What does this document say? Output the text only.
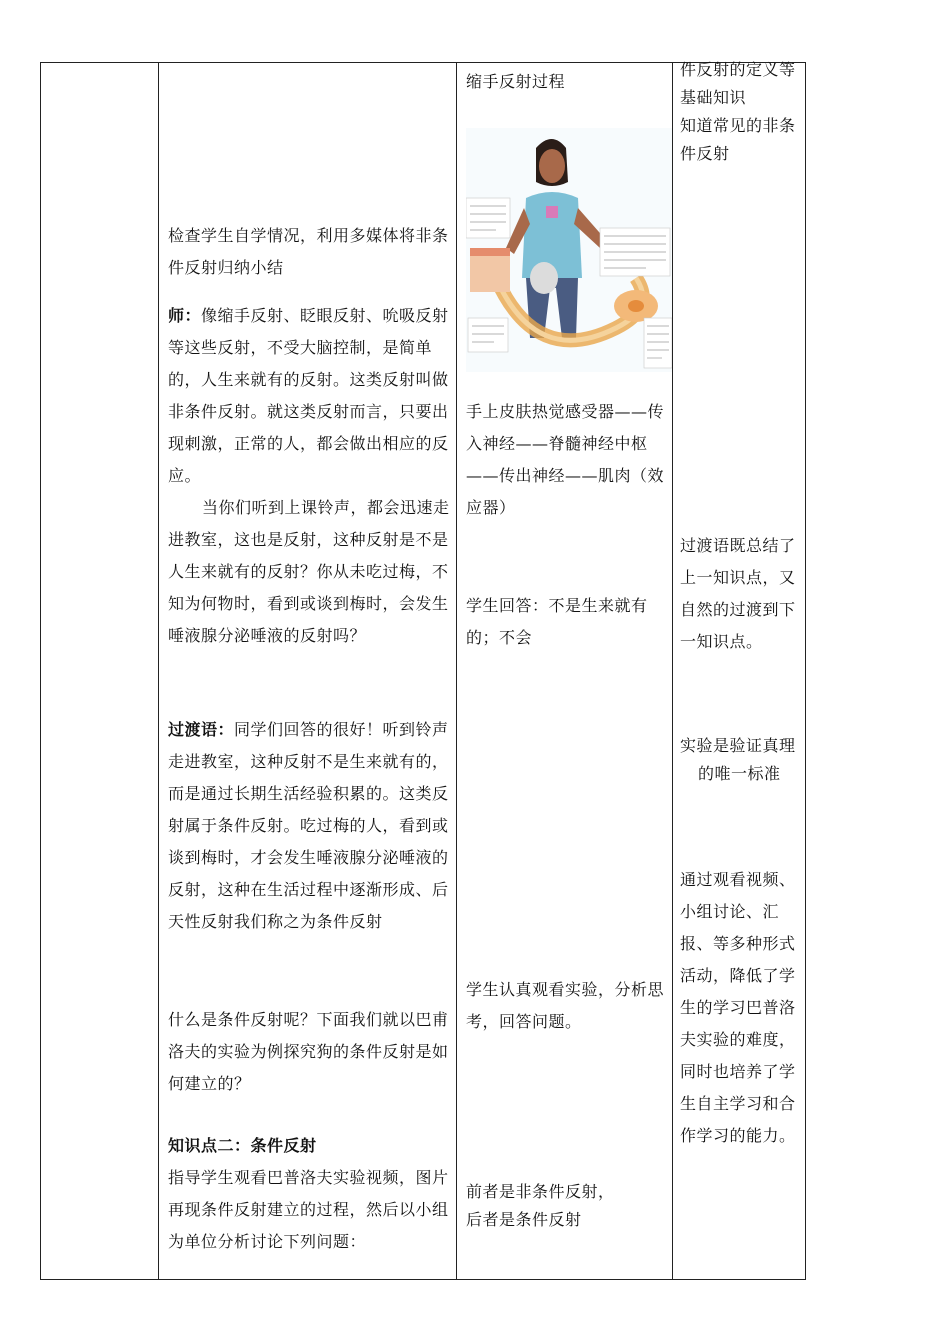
检查学生自学情况，利用多媒体将非条件反射归纳小结

师：像缩手反射、眨眼反射、吮吸反射等这些反射，不受大脑控制，是简单的，人生来就有的反射。这类反射叫做非条件反射。就这类反射而言，只要出现刺激，正常的人，都会做出相应的反应。

当你们听到上课铃声，都会迅速走进教室，这也是反射，这种反射是不是人生来就有的反射？你从未吃过梅，不知为何物时，看到或谈到梅时，会发生唾液腺分泌唾液的反射吗？

过渡语：同学们回答的很好！听到铃声走进教室，这种反射不是生来就有的，而是通过长期生活经验积累的。这类反射属于条件反射。吃过梅的人，看到或谈到梅时，才会发生唾液腺分泌唾液的反射，这种在生活过程中逐渐形成、后天性反射我们称之为条件反射

什么是条件反射呢？下面我们就以巴甫洛夫的实验为例探究狗的条件反射是如何建立的？

知识点二：条件反射

指导学生观看巴普洛夫实验视频，图片再现条件反射建立的过程，然后以小组为单位分析讨论下列问题：

缩手反射过程

手上皮肤热觉感受器——传入神经——脊髓神经中枢——传出神经——肌肉（效应器）

学生回答：不是生来就有的；不会

学生认真观看实验，分析思考，回答问题。

前者是非条件反射，

后者是条件反射

件反射的定义等基础知识

知道常见的非条件反射

过渡语既总结了上一知识点，又自然的过渡到下一知识点。

实验是验证真理

的唯一标准

通过观看视频、小组讨论、汇报、等多种形式活动，降低了学生的学习巴普洛夫实验的难度，同时也培养了学生自主学习和合作学习的能力。
